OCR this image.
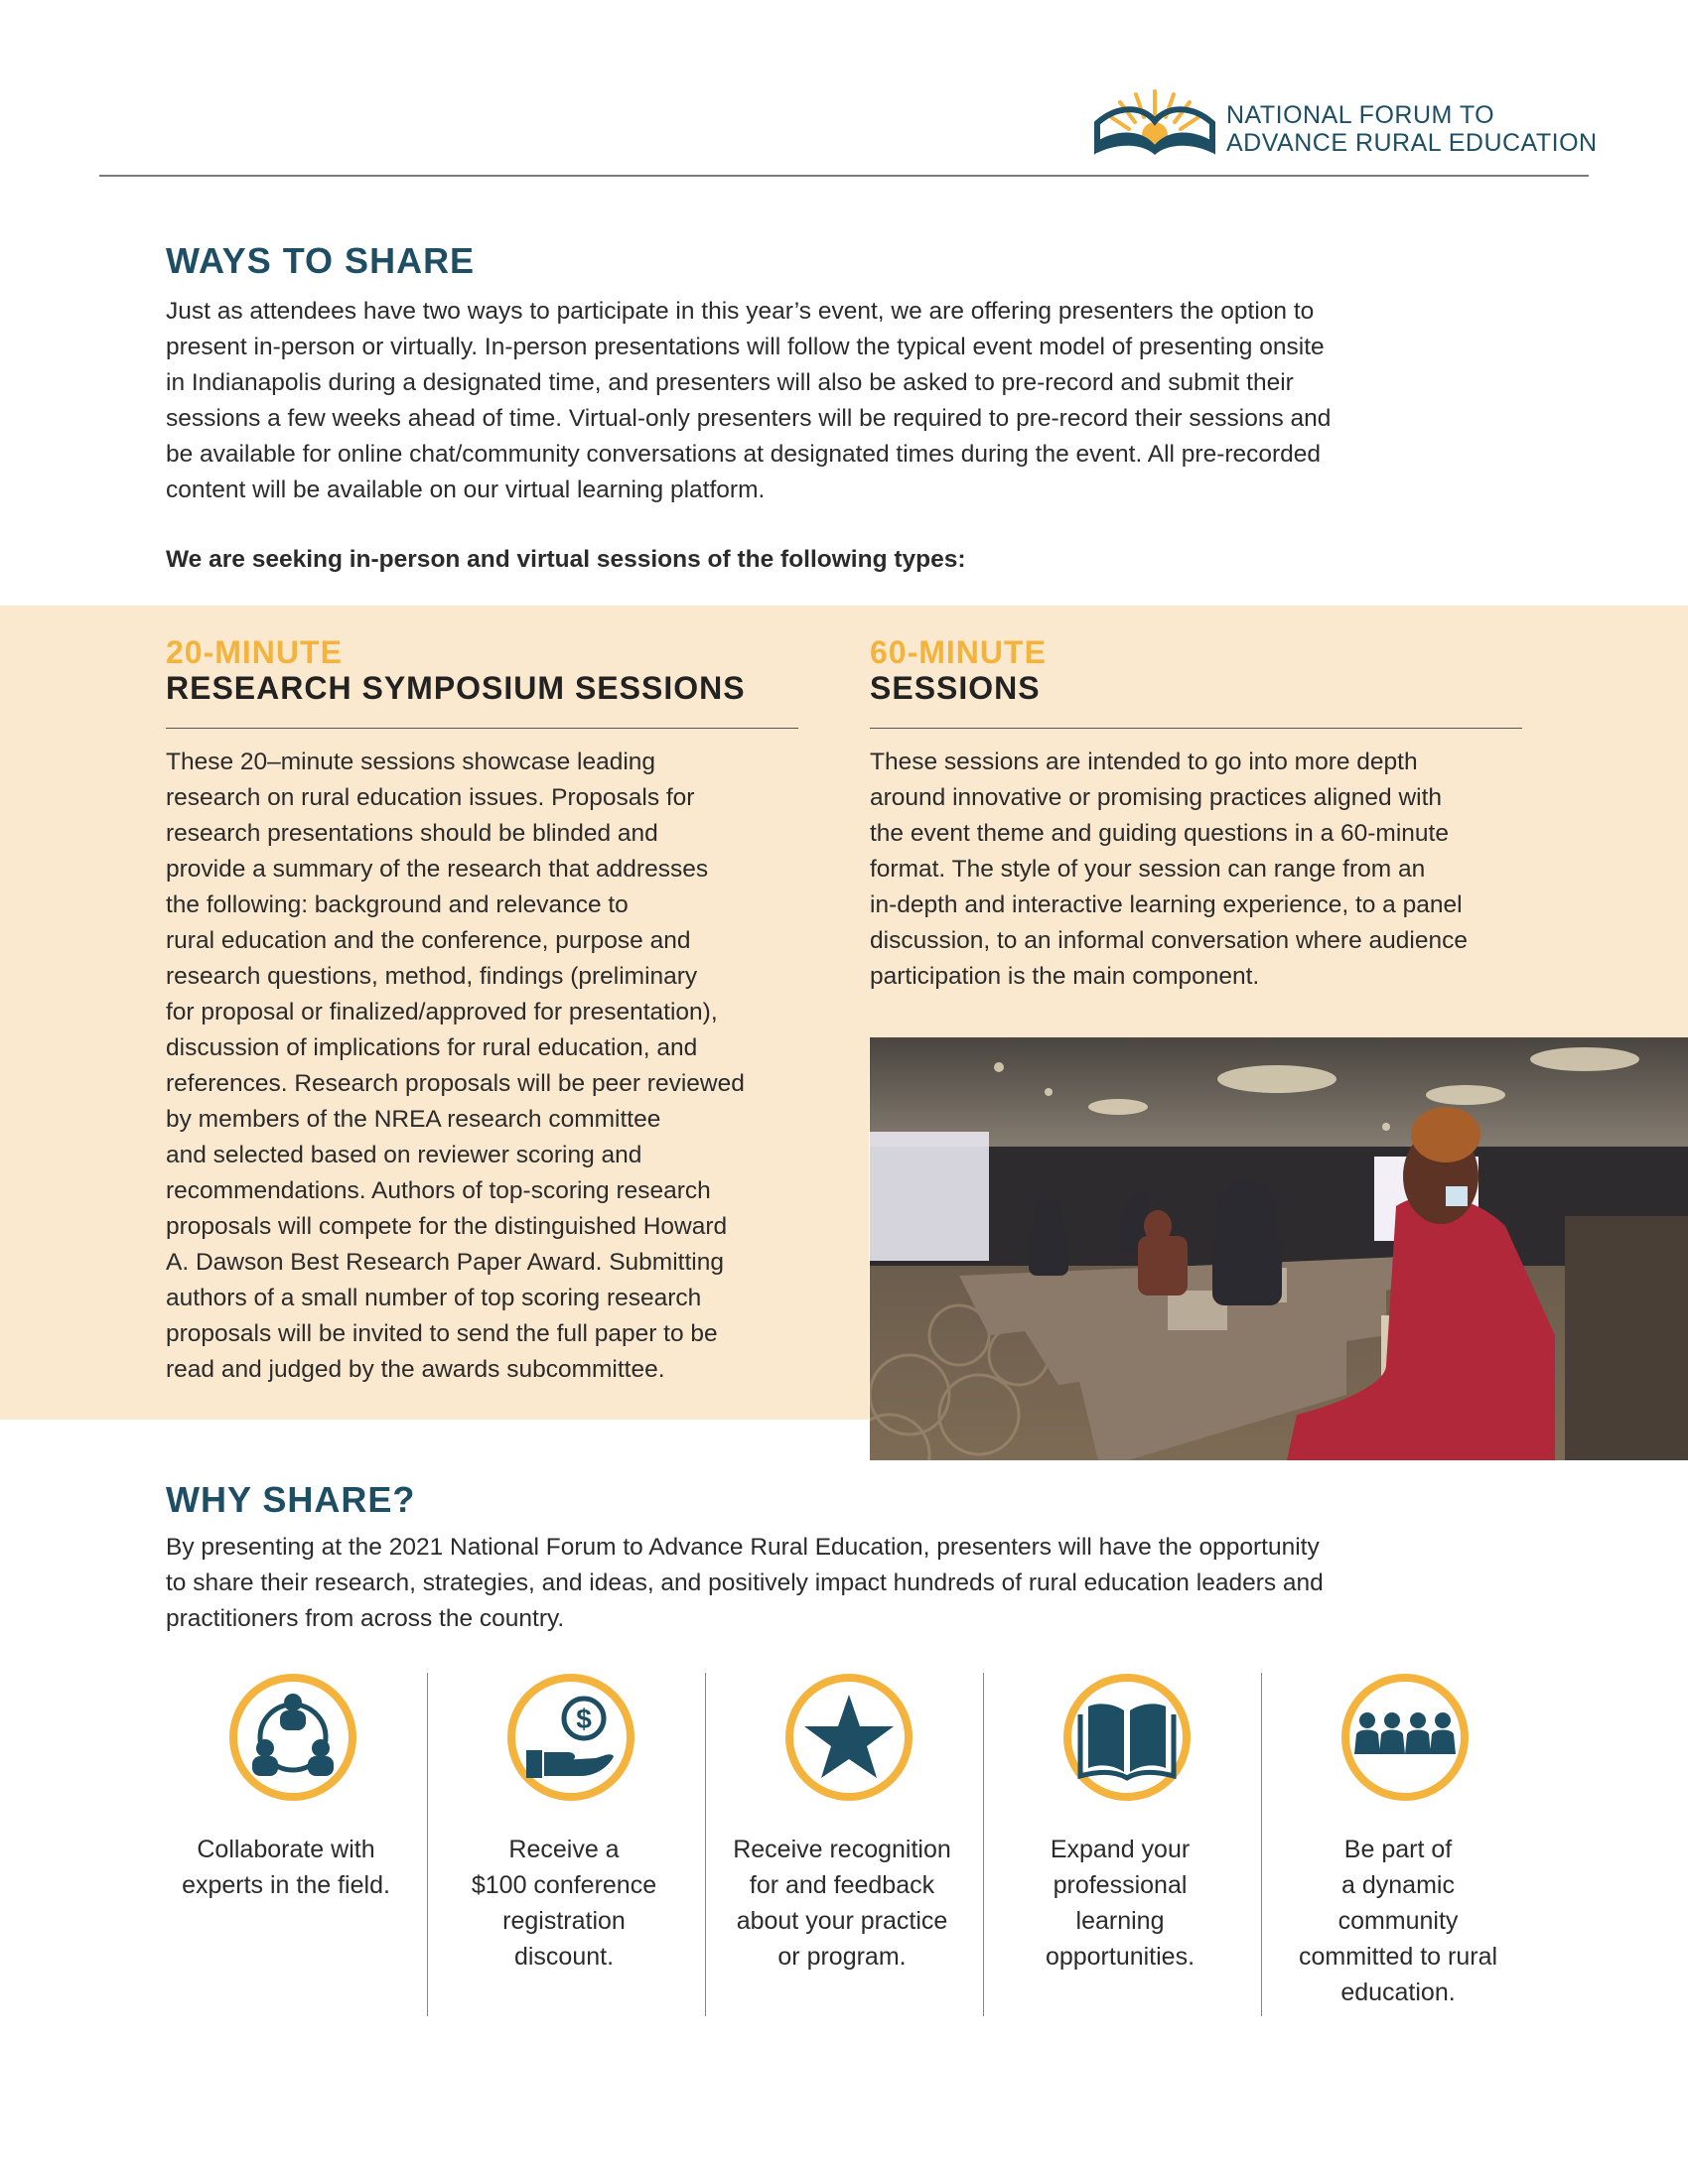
NATIONAL FORUM TO
ADVANCE RURAL EDUCATION
WAYS TO SHARE
Just as attendees have two ways to participate in this year’s event, we are offering presenters the option to
present in-person or virtually. In-person presentations will follow the typical event model of presenting onsite
in Indianapolis during a designated time, and presenters will also be asked to pre-record and submit their
sessions a few weeks ahead of time. Virtual-only presenters will be required to pre-record their sessions and
be available for online chat/community conversations at designated times during the event. All pre-recorded
content will be available on our virtual learning platform.
We are seeking in-person and virtual sessions of the following types:
20-MINUTE
RESEARCH SYMPOSIUM SESSIONS
These 20–minute sessions showcase leading
research on rural education issues. Proposals for
research presentations should be blinded and
provide a summary of the research that addresses
the following: background and relevance to
rural education and the conference, purpose and
research questions, method, findings (preliminary
for proposal or finalized/approved for presentation),
discussion of implications for rural education, and
references. Research proposals will be peer reviewed
by members of the NREA research committee
and selected based on reviewer scoring and
recommendations. Authors of top-scoring research
proposals will compete for the distinguished Howard
A. Dawson Best Research Paper Award. Submitting
authors of a small number of top scoring research
proposals will be invited to send the full paper to be
read and judged by the awards subcommittee.
60-MINUTE
SESSIONS
These sessions are intended to go into more depth
around innovative or promising practices aligned with
the event theme and guiding questions in a 60-minute
format. The style of your session can range from an
in-depth and interactive learning experience, to a panel
discussion, to an informal conversation where audience
participation is the main component.
WHY SHARE?
By presenting at the 2021 National Forum to Advance Rural Education, presenters will have the opportunity
to share their research, strategies, and ideas, and positively impact hundreds of rural education leaders and
practitioners from across the country.
Collaborate with
experts in the field.
$
Receive a
$100 conference
registration
discount.
Receive recognition
for and feedback
about your practice
or program.
Expand your
professional
learning
opportunities.
Be part of
a dynamic
community
committed to rural
education.
